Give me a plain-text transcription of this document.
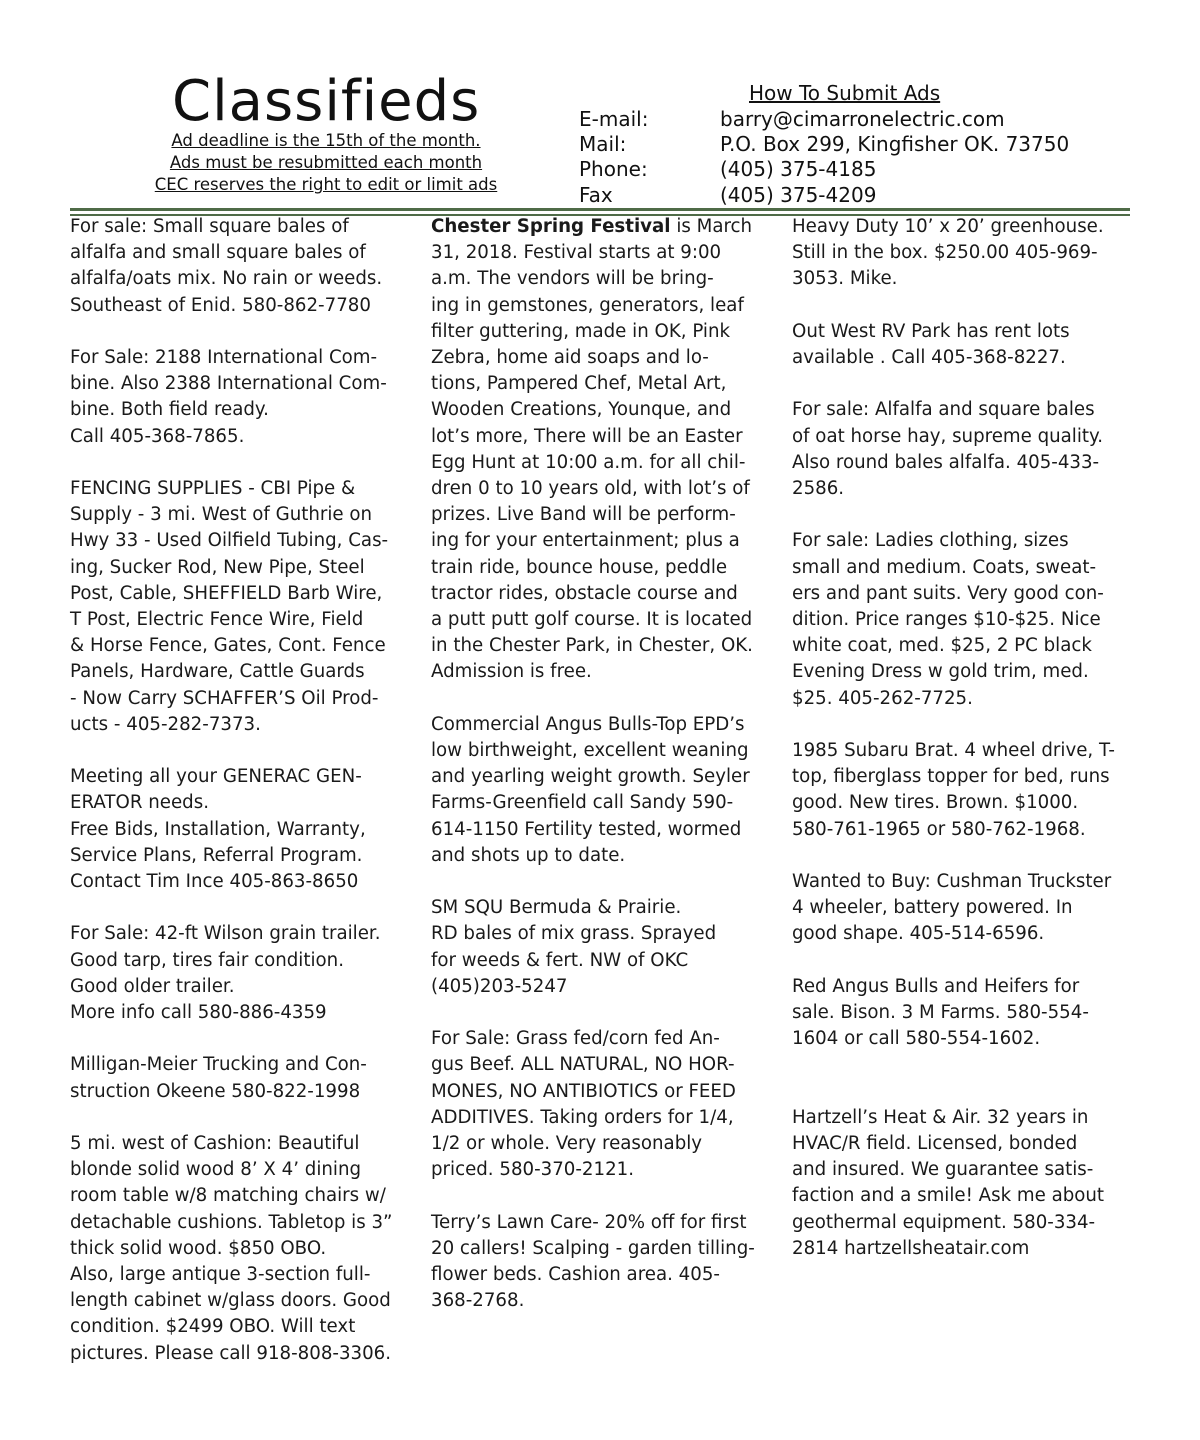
Classifieds
Ad deadline is the 15th of the month.
Ads must be resubmitted each month
CEC reserves the right to edit or limit ads
How To Submit Ads
E-mail:	barry@cimarronelectric.com
Mail:	P.O. Box 299, Kingfisher OK. 73750
Phone:	(405) 375-4185
Fax	(405) 375-4209
For sale: Small square bales of
alfalfa and small square bales of
alfalfa/oats mix. No rain or weeds.
Southeast of Enid. 580-862-7780
For Sale: 2188 International Com-
bine. Also 2388 International Com-
bine. Both field ready.
Call 405-368-7865.
FENCING SUPPLIES - CBI Pipe &
Supply - 3 mi. West of Guthrie on
Hwy 33 - Used Oilfield Tubing, Cas-
ing, Sucker Rod, New Pipe, Steel
Post, Cable, SHEFFIELD Barb Wire,
T Post, Electric Fence Wire, Field
& Horse Fence, Gates, Cont. Fence
Panels, Hardware, Cattle Guards
- Now Carry SCHAFFER’S Oil Prod-
ucts - 405-282-7373.
Meeting all your GENERAC GEN-
ERATOR needs.
Free Bids, Installation, Warranty,
Service Plans, Referral Program.
Contact Tim Ince 405-863-8650
For Sale: 42-ft Wilson grain trailer.
Good tarp, tires fair condition.
Good older trailer.
More info call 580-886-4359
Milligan-Meier Trucking and Con-
struction Okeene 580-822-1998
5 mi. west of Cashion: Beautiful
blonde solid wood 8’ X 4’ dining
room table w/8 matching chairs w/
detachable cushions. Tabletop is 3”
thick solid wood. $850 OBO.
Also, large antique 3-section full-
length cabinet w/glass doors. Good
condition. $2499 OBO. Will text
pictures. Please call 918-808-3306.
Chester Spring Festival is March
31, 2018. Festival starts at 9:00
a.m. The vendors will be bring-
ing in gemstones, generators, leaf
filter guttering, made in OK, Pink
Zebra, home aid soaps and lo-
tions, Pampered Chef, Metal Art,
Wooden Creations, Younque, and
lot’s more, There will be an Easter
Egg Hunt at 10:00 a.m. for all chil-
dren 0 to 10 years old, with lot’s of
prizes. Live Band will be perform-
ing for your entertainment; plus a
train ride, bounce house, peddle
tractor rides, obstacle course and
a putt putt golf course. It is located
in the Chester Park, in Chester, OK.
Admission is free.
Commercial Angus Bulls-Top EPD’s
low birthweight, excellent weaning
and yearling weight growth. Seyler
Farms-Greenfield call Sandy 590-
614-1150 Fertility tested, wormed
and shots up to date.
SM SQU Bermuda & Prairie.
RD bales of mix grass. Sprayed
for weeds & fert. NW of OKC
(405)203-5247
For Sale: Grass fed/corn fed An-
gus Beef. ALL NATURAL, NO HOR-
MONES, NO ANTIBIOTICS or FEED
ADDITIVES. Taking orders for 1/4,
1/2 or whole. Very reasonably
priced. 580-370-2121.
Terry’s Lawn Care- 20% off for first
20 callers! Scalping - garden tilling-
flower beds. Cashion area. 405-
368-2768.
Heavy Duty 10’ x 20’ greenhouse.
Still in the box. $250.00 405-969-
3053. Mike.
Out West RV Park has rent lots
available . Call 405-368-8227.
For sale: Alfalfa and square bales
of oat horse hay, supreme quality.
Also round bales alfalfa. 405-433-
2586.
For sale: Ladies clothing, sizes
small and medium. Coats, sweat-
ers and pant suits. Very good con-
dition. Price ranges $10-$25. Nice
white coat, med. $25, 2 PC black
Evening Dress w gold trim, med.
$25. 405-262-7725.
1985 Subaru Brat. 4 wheel drive, T-
top, fiberglass topper for bed, runs
good. New tires. Brown. $1000.
580-761-1965 or 580-762-1968.
Wanted to Buy: Cushman Truckster
4 wheeler, battery powered. In
good shape. 405-514-6596.
Red Angus Bulls and Heifers for
sale. Bison. 3 M Farms. 580-554-
1604 or call 580-554-1602.
Hartzell’s Heat & Air. 32 years in
HVAC/R field. Licensed, bonded
and insured. We guarantee satis-
faction and a smile! Ask me about
geothermal equipment. 580-334-
2814 hartzellsheatair.com
